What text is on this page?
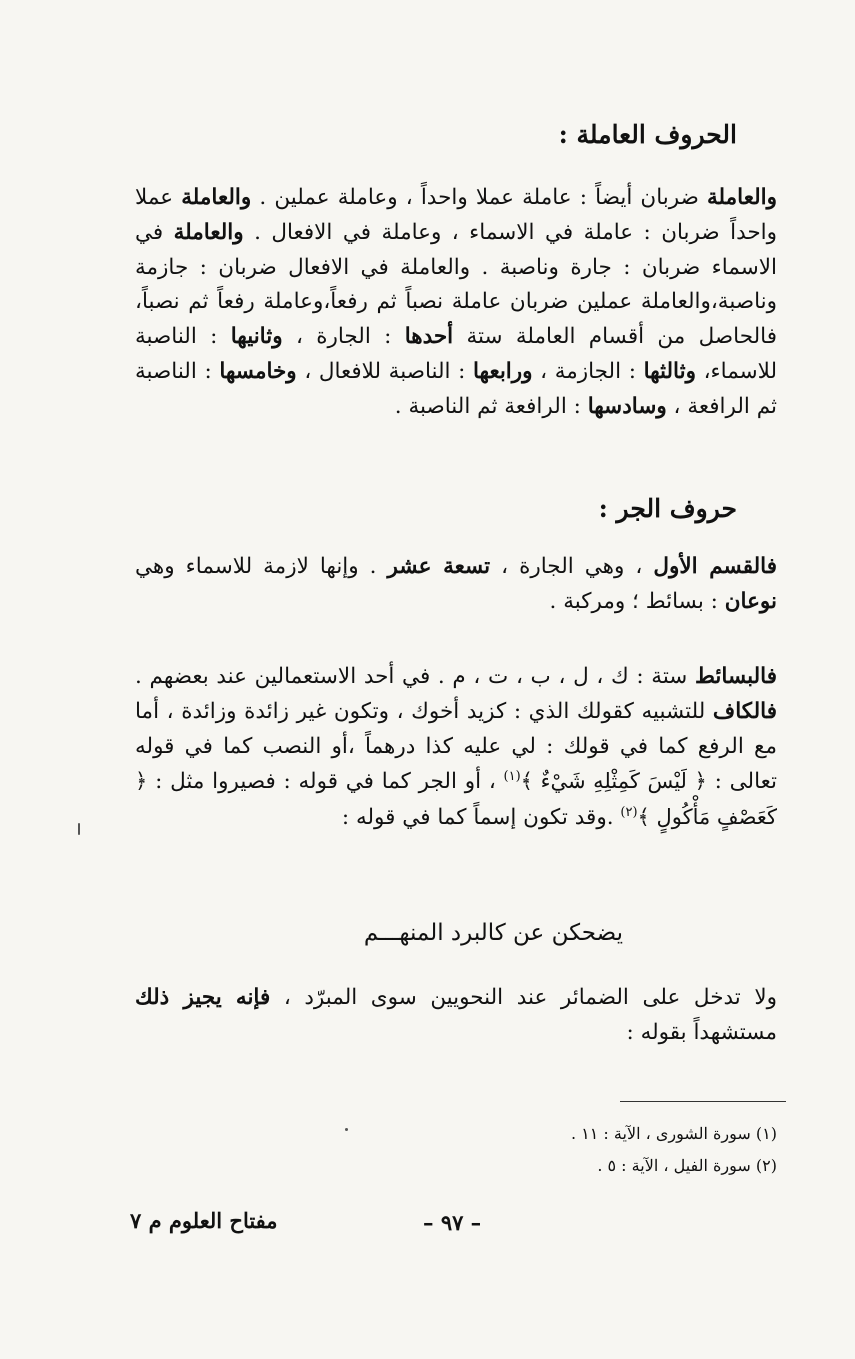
الحروف العاملة :
والعاملة ضربان أيضاً : عاملة عملا واحداً ، وعاملة عملين . والعاملة عملا واحداً ضربان : عاملة في الاسماء ، وعاملة في الافعال . والعاملة في الاسماء ضربان : جارة وناصبة . والعاملة في الافعال ضربان : جازمة وناصبة،والعاملة عملين ضربان عاملة نصباً ثم رفعاً،وعاملة رفعاً ثم نصباً، فالحاصل من أقسام العاملة ستة أحدها : الجارة ، وثانيها : الناصبة للاسماء، وثالثها : الجازمة ، ورابعها : الناصبة للافعال ، وخامسها : الناصبة ثم الرافعة ، وسادسها : الرافعة ثم الناصبة .
حروف الجر :
فالقسم الأول ، وهي الجارة ، تسعة عشر . وإنها لازمة للاسماء وهي نوعان : بسائط ؛ ومركبة .
فالبسائط ستة : ك ، ل ، ب ، ت ، م . في أحد الاستعمالين عند بعضهم . فالكاف للتشبيه كقولك الذي : كزيد أخوك ، وتكون غير زائدة وزائدة ، أما مع الرفع كما في قولك : لي عليه كذا درهماً ،أو النصب كما في قوله تعالى : ﴿ لَيْسَ كَمِثْلِهِ شَيْءٌ ﴾$^{(١)}$ ، أو الجر كما في قوله : فصيروا مثل : ﴿ كَعَصْفٍ مَأْكُولٍ ﴾$^{(٢)}$ .وقد تكون إسماً كما في قوله :
يضحكن عن كالبرد المنهـــم
ولا تدخل على الضمائر عند النحويين سوى المبرّد ، فإنه يجيز ذلك مستشهداً بقوله :
(١) سورة الشورى ، الآية : ١١ .
(٢) سورة الفيل ، الآية : ٥ .
– ٩٧ –
مفتاح العلوم م ٧
